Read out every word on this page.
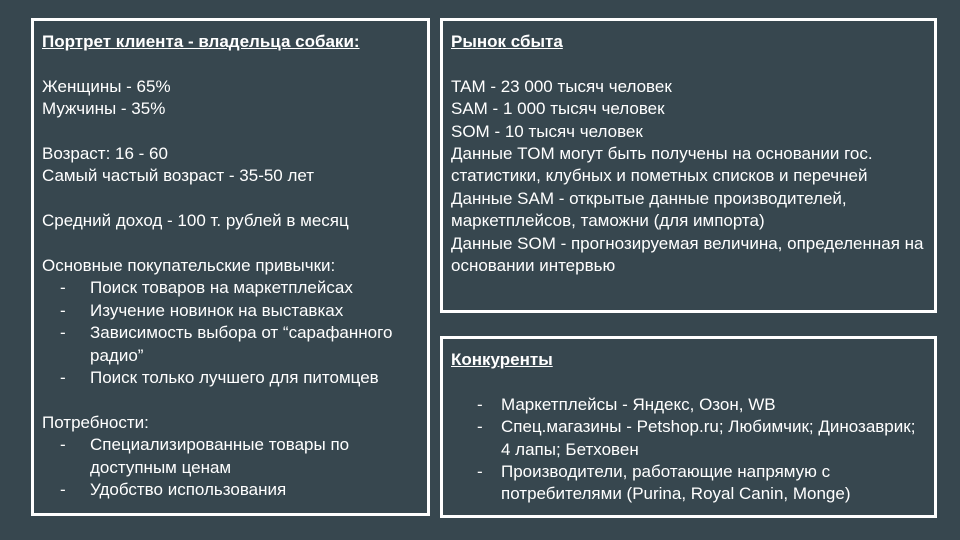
Портрет клиента - владельца собаки:
Женщины - 65%
Мужчины - 35%
Возраст: 16 - 60
Самый частый возраст - 35-50 лет
Средний доход - 100 т. рублей в месяц
Основные покупательские привычки:
- Поиск товаров на маркетплейсах
- Изучение новинок на выставках
- Зависимость выбора от “сарафанного радио”
- Поиск только лучшего для питомцев
Потребности:
- Специализированные товары по доступным ценам
- Удобство использования
Рынок сбыта
TAM - 23 000 тысяч человек
SAM - 1 000 тысяч человек
SOM - 10 тысяч человек
Данные TOM могут быть получены на основании гос. статистики, клубных и пометных списков и перечней
Данные SAM - открытые данные производителей, маркетплейсов, таможни (для импорта)
Данные SOM - прогнозируемая величина, определенная на основании интервью
Конкуренты
- Маркетплейсы - Яндекс, Озон, WB
- Спец.магазины - Petshop.ru; Любимчик; Динозаврик; 4 лапы; Бетховен
- Производители, работающие напрямую с потребителями (Purina, Royal Canin, Monge)
